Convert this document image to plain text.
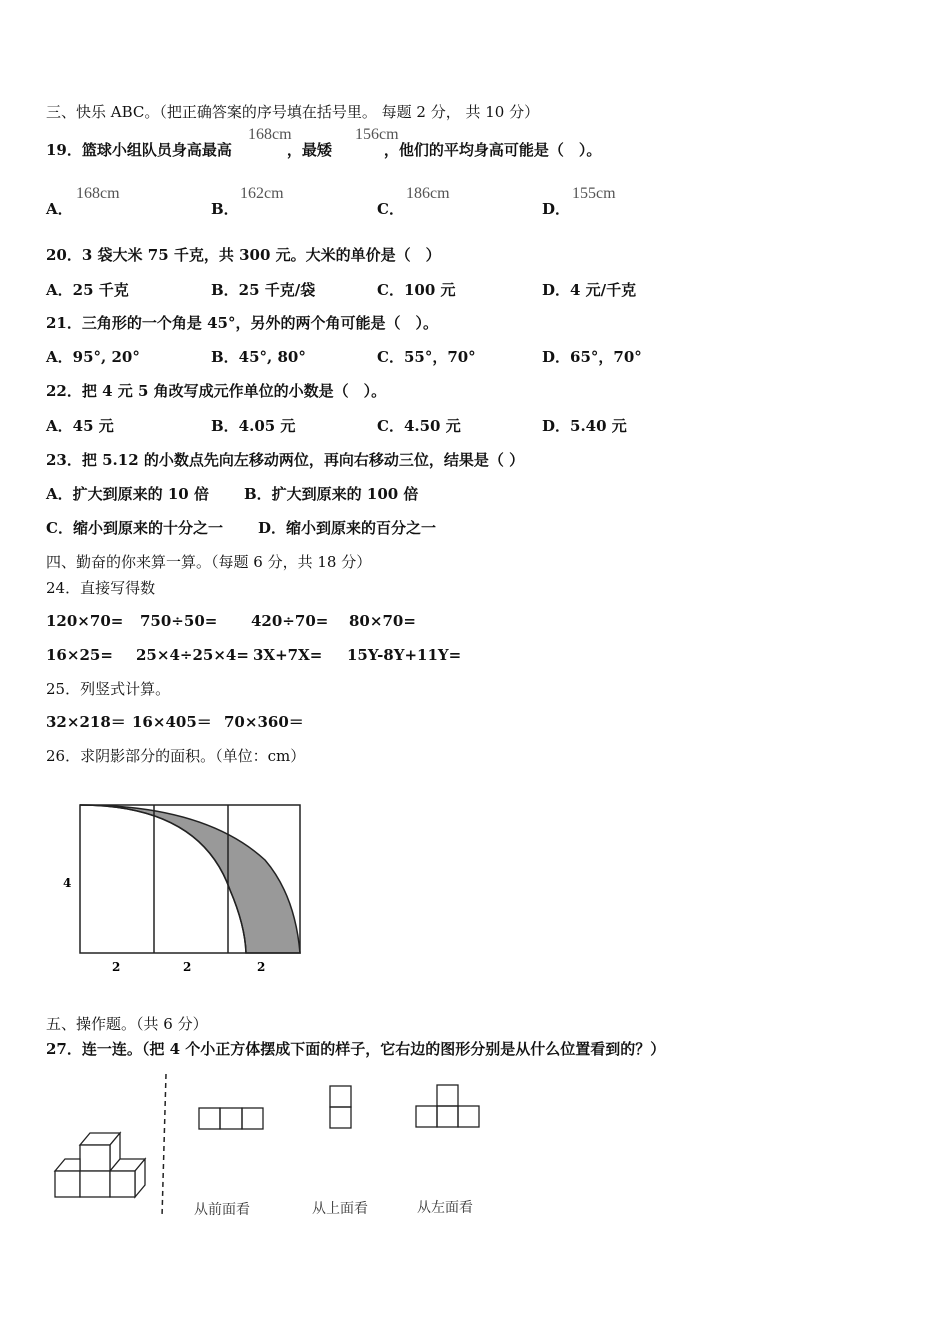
三、快乐 ABC。（把正确答案的序号填在括号里。 每题 2 分， 共 10 分）
19．篮球小组队员身高最高	，最矮	，他们的平均身高可能是（　）。
168cm	156cm
A．
168cm
B．
162cm
C．
186cm
D．
155cm
20．3 袋大米 75 千克，共 300 元。大米的单价是（　）
A．25 千克	B．25 千克/袋	C．100 元	D．4 元/千克
21．三角形的一个角是 45°，另外的两个角可能是（　）。
A．95°, 20°	B．45°, 80°	C．55°，70°	D．65°，70°
22．把 4 元 5 角改写成元作单位的小数是（　）。
A．45 元	B．4.05 元	C．4.50 元	D．5.40 元
23．把 5.12 的小数点先向左移动两位，再向右移动三位，结果是（ ）
A．扩大到原来的 10 倍 B．扩大到原来的 100 倍
C．缩小到原来的十分之一 D．缩小到原来的百分之一
四、勤奋的你来算一算。（每题 6 分，共 18 分）
24．直接写得数
120×70= 750÷50= 420÷70= 80×70=
16×25= 25×4÷25×4= 3X+7X= 15Y-8Y+11Y=
25．列竖式计算。
32×218＝ 16×405＝ 70×360＝
26．求阴影部分的面积。（单位：cm）
4
2	2	2
五、操作题。（共 6 分）
27．连一连。（把 4 个小正方体摆成下面的样子，它右边的图形分别是从什么位置看到的？）
从前面看	从上面看	从左面看
